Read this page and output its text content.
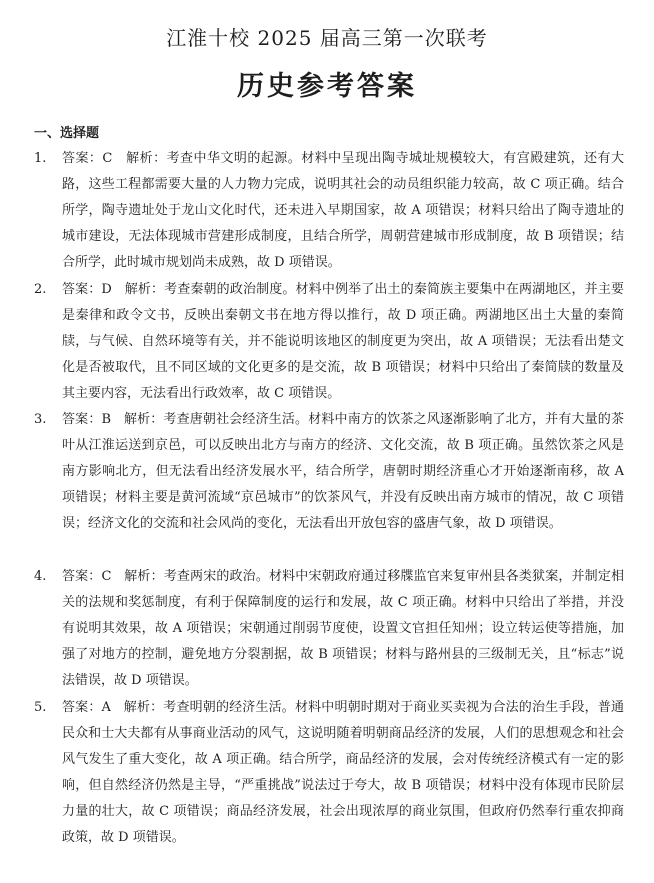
江淮十校 2025 届高三第一次联考
历史参考答案
一、选择题
1.	答案：C 解析：考查中华文明的起源。材料中呈现出陶寺城址规模较大，有宫殿建筑，还有大路，这些工程都需要大量的人力物力完成，说明其社会的动员组织能力较高，故 C 项正确。结合所学，陶寺遗址处于龙山文化时代，还未进入早期国家，故 A 项错误；材料只给出了陶寺遗址的城市建设，无法体现城市营建形成制度，且结合所学，周朝营建城市形成制度，故 B 项错误；结合所学，此时城市规划尚未成熟，故 D 项错误。
2.	答案：D 解析：考查秦朝的政治制度。材料中例举了出土的秦简族主要集中在两湖地区，并主要是秦律和政令文书，反映出秦朝文书在地方得以推行，故 D 项正确。两湖地区出土大量的秦简牍，与气候、自然环境等有关，并不能说明该地区的制度更为突出，故 A 项错误；无法看出楚文化是否被取代，且不同区域的文化更多的是交流，故 B 项错误；材料中只给出了秦简牍的数量及其主要内容，无法看出行政效率，故 C 项错误。
3.	答案：B 解析：考查唐朝社会经济生活。材料中南方的饮茶之风逐渐影响了北方，并有大量的茶叶从江淮运送到京邑，可以反映出北方与南方的经济、文化交流，故 B 项正确。虽然饮茶之风是南方影响北方，但无法看出经济发展水平，结合所学，唐朝时期经济重心才开始逐渐南移，故 A 项错误；材料主要是黄河流域“京邑城市”的饮茶风气，并没有反映出南方城市的情况，故 C 项错误；经济文化的交流和社会风尚的变化，无法看出开放包容的盛唐气象，故 D 项错误。
4.	答案：C 解析：考查两宋的政治。材料中宋朝政府通过移牒监官来复审州县各类狱案，并制定相关的法规和奖惩制度，有利于保障制度的运行和发展，故 C 项正确。材料中只给出了举措，并没有说明其效果，故 A 项错误；宋朝通过削弱节度使，设置文官担任知州；设立转运使等措施，加强了对地方的控制，避免地方分裂割据，故 B 项错误；材料与路州县的三级制无关，且“标志”说法错误，故 D 项错误。
5.	答案：A 解析：考查明朝的经济生活。材料中明朝时期对于商业买卖视为合法的治生手段，普通民众和士大夫都有从事商业活动的风气，这说明随着明朝商品经济的发展，人们的思想观念和社会风气发生了重大变化，故 A 项正确。结合所学，商品经济的发展，会对传统经济模式有一定的影响，但自然经济仍然是主导，“严重挑战”说法过于夸大，故 B 项错误；材料中没有体现市民阶层力量的壮大，故 C 项错误；商品经济发展，社会出现浓厚的商业氛围，但政府仍然奉行重农抑商政策，故 D 项错误。
